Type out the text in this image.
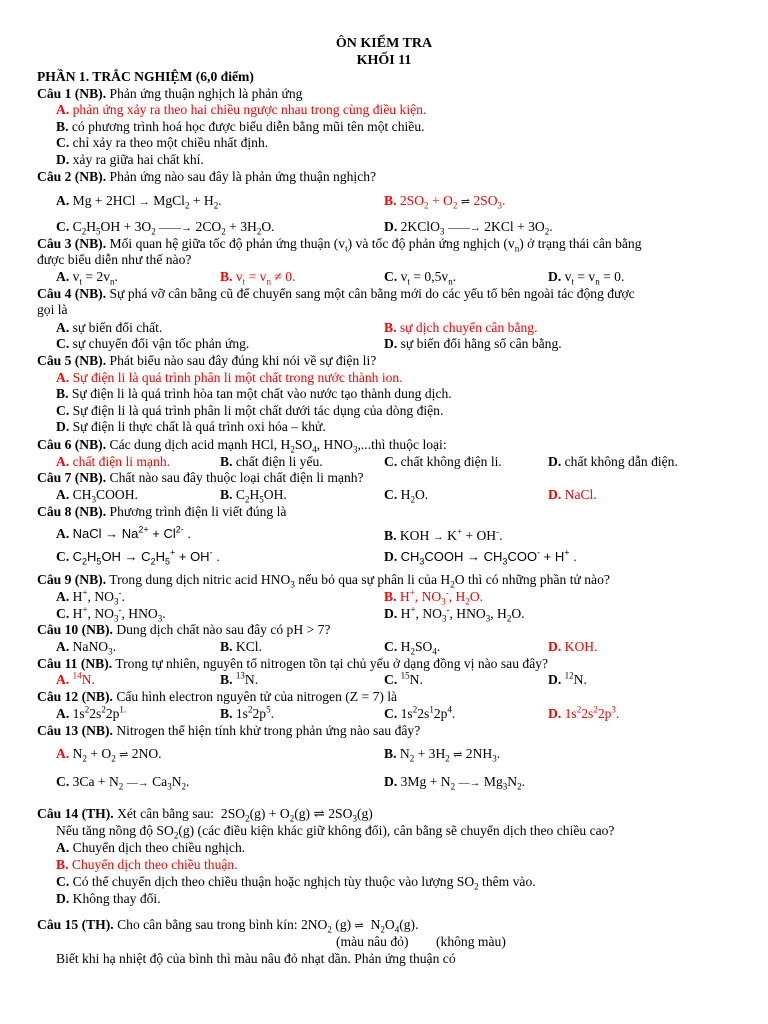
ÔN KIỂM TRA
KHỐI 11
PHẦN 1. TRẮC NGHIỆM (6,0 điểm)
Câu 1 (NB). Phản ứng thuận nghịch là phản ứng
A. phản ứng xảy ra theo hai chiều ngược nhau trong cùng điều kiện.
B. có phương trình hoá học được biểu diễn bằng mũi tên một chiều.
C. chỉ xảy ra theo một chiều nhất định.
D. xảy ra giữa hai chất khí.
Câu 2 (NB). Phản ứng nào sau đây là phản ứng thuận nghịch?
A. Mg + 2HCl → MgCl$_2$ + $H_2$.	B. $2SO_2 + O_2$ ⇌ $2SO_3$.
C. $C_2H_5OH + 3O_2$ ——→ $2CO_2 + 3H_2O$.	D. 2KClO$_3$ ——→ $2KCl + 3O_2$.
Câu 3 (NB). Mối quan hệ giữa tốc độ phản ứng thuận $(v_t)$ và tốc độ phản ứng nghịch $(v_n)$ ở trạng thái cân bằng
được biểu diễn như thế nào?
A. $v_t = 2v_n$.	B. $v_t = v_n \ne 0$.	C. $v_t = 0,5v_n$.	D. $v_t = v_n = 0$.
Câu 4 (NB). Sự phá vỡ cân bằng cũ để chuyển sang một cân bằng mới do các yếu tố bên ngoài tác động được
gọi là
A. sự biến đổi chất.	B. sự dịch chuyển cân bằng.
C. sự chuyển đổi vận tốc phản ứng.	D. sự biến đổi hằng số cân bằng.
Câu 5 (NB). Phát biểu nào sau đây đúng khi nói về sự điện li?
A. Sự điện li là quá trình phân li một chất trong nước thành ion.
B. Sự điện li là quá trình hòa tan một chất vào nước tạo thành dung dịch.
C. Sự điện li là quá trình phân li một chất dưới tác dụng của dòng điện.
D. Sự điện li thực chất là quá trình oxi hóa – khử.
Câu 6 (NB). Các dung dịch acid mạnh HCl, $H_2SO_4$, $HNO_3,...thì$ thuộc loại:
A. chất điện li mạnh.	B. chất điện li yếu.	C. chất không điện li.	D. chất không dẫn điện.
Câu 7 (NB). Chất nào sau đây thuộc loại chất điện li mạnh?
A. $CH_3COOH$.	B. $C_2H_5OH$.	C. $H_2O$.	D. NaCl.
Câu 8 (NB). Phương trình điện li viết đúng là
A. NaCl → $Na^{2+} + Cl^{2-}$ .	B. KOH → K+ + OH-.
C. $C_2H_5OH \to C_2H_5^+ + OH^-$ .	D. $CH_3COOH \to CH_3COO^- + H^+$ .
Câu 9 (NB). Trong dung dịch nitric acid $HNO_3$ nếu bỏ qua sự phân li của $H_2O$ thì có những phần tử nào?
A. H+, $NO_3^-$.	B. H+, $NO_3^-$, $H_2O$.
C. H+, $NO_3^-$, $HNO_3$.	D. H+, $NO_3^-$, $HNO_3$, $H_2O$.
Câu 10 (NB). Dung dịch chất nào sau đây có pH > 7?
A. NaNO$_3$.	B. KCl.	C. $H_2SO_4$.	D. KOH.
Câu 11 (NB). Trong tự nhiên, nguyên tố nitrogen tồn tại chủ yếu ở dạng đồng vị nào sau đây?
A. $^{14}$N.	B. $^{13}$N.	C. $^{15}$N.	D. $^{12}$N.
Câu 12 (NB). Cấu hình electron nguyên tử của nitrogen (Z = 7) là
A. $1s^22s^22p^{1.}$	B. $1s^22p^5$.	C. $1s^22s^12p^4$.	D. $1s^22s^22p^3$.
Câu 13 (NB). Nitrogen thể hiện tính khử trong phản ứng nào sau đây?
A. $N_2 + O_2$ ⇌ 2NO.	B. $N_2 + 3H_2$ ⇌ $2NH_3$.
C. $3Ca + N_2$ —→ $Ca_3N_2$.	D. $3Mg + N_2$ —→ $Mg_3N_2$.
Câu 14 (TH). Xét cân bằng sau:  $2SO_2(g) + O_2(g)$ ⇌ $2SO_3(g)$
Nếu tăng nồng độ $SO_2(g)$ (các điều kiện khác giữ không đổi), cân bằng sẽ chuyển dịch theo chiều cao?
A. Chuyển dịch theo chiều nghịch.
B. Chuyển dịch theo chiều thuận.
C. Có thể chuyển dịch theo chiều thuận hoặc nghịch tùy thuộc vào lượng $SO_2$ thêm vào.
D. Không thay đổi.
Câu 15 (TH). Cho cân bằng sau trong bình kín: $2NO_2$ (g) ⇌  $N_2O_4(g)$.
(màu nâu đỏ) (không màu)
Biết khi hạ nhiệt độ của bình thì màu nâu đỏ nhạt dần. Phản ứng thuận có
